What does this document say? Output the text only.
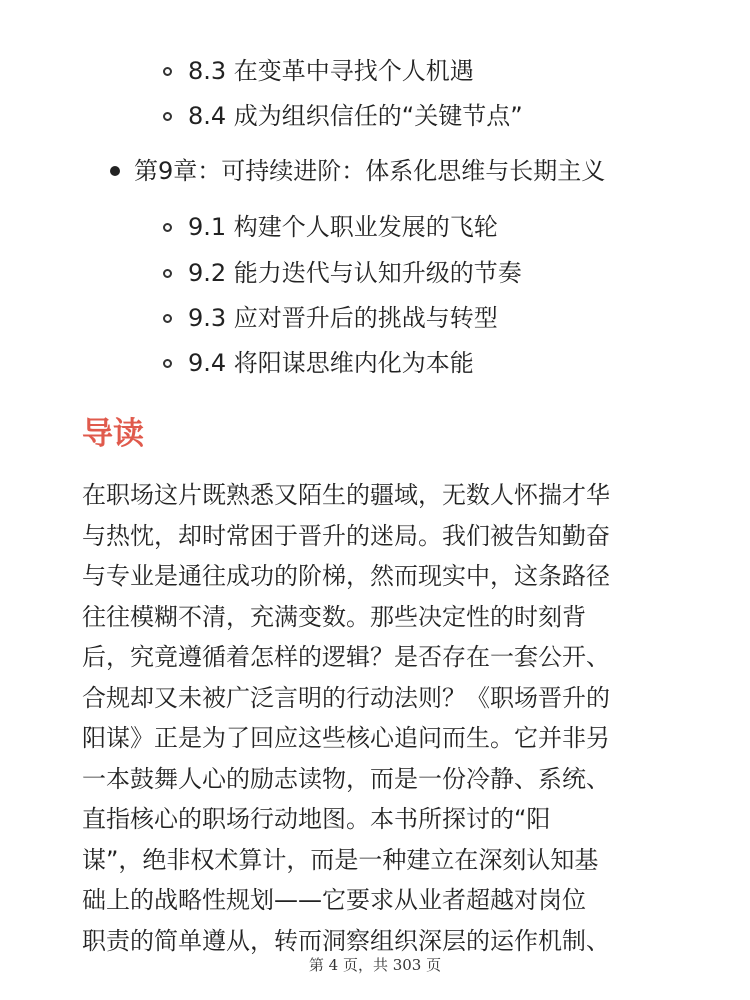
8.3 在变革中寻找个人机遇
8.4 成为组织信任的“关键节点”
第9章：可持续进阶：体系化思维与长期主义
9.1 构建个人职业发展的飞轮
9.2 能力迭代与认知升级的节奏
9.3 应对晋升后的挑战与转型
9.4 将阳谋思维内化为本能
导读
在职场这片既熟悉又陌生的疆域，无数人怀揣才华
与热忱，却时常困于晋升的迷局。我们被告知勤奋
与专业是通往成功的阶梯，然而现实中，这条路径
往往模糊不清，充满变数。那些决定性的时刻背
后，究竟遵循着怎样的逻辑？是否存在一套公开、
合规却又未被广泛言明的行动法则？《职场晋升的
阳谋》正是为了回应这些核心追问而生。它并非另
一本鼓舞人心的励志读物，而是一份冷静、系统、
直指核心的职场行动地图。本书所探讨的“阳
谋”，绝非权术算计，而是一种建立在深刻认知基
础上的战略性规划——它要求从业者超越对岗位
职责的简单遵从，转而洞察组织深层的运作机制、
第 4 页，共 303 页
